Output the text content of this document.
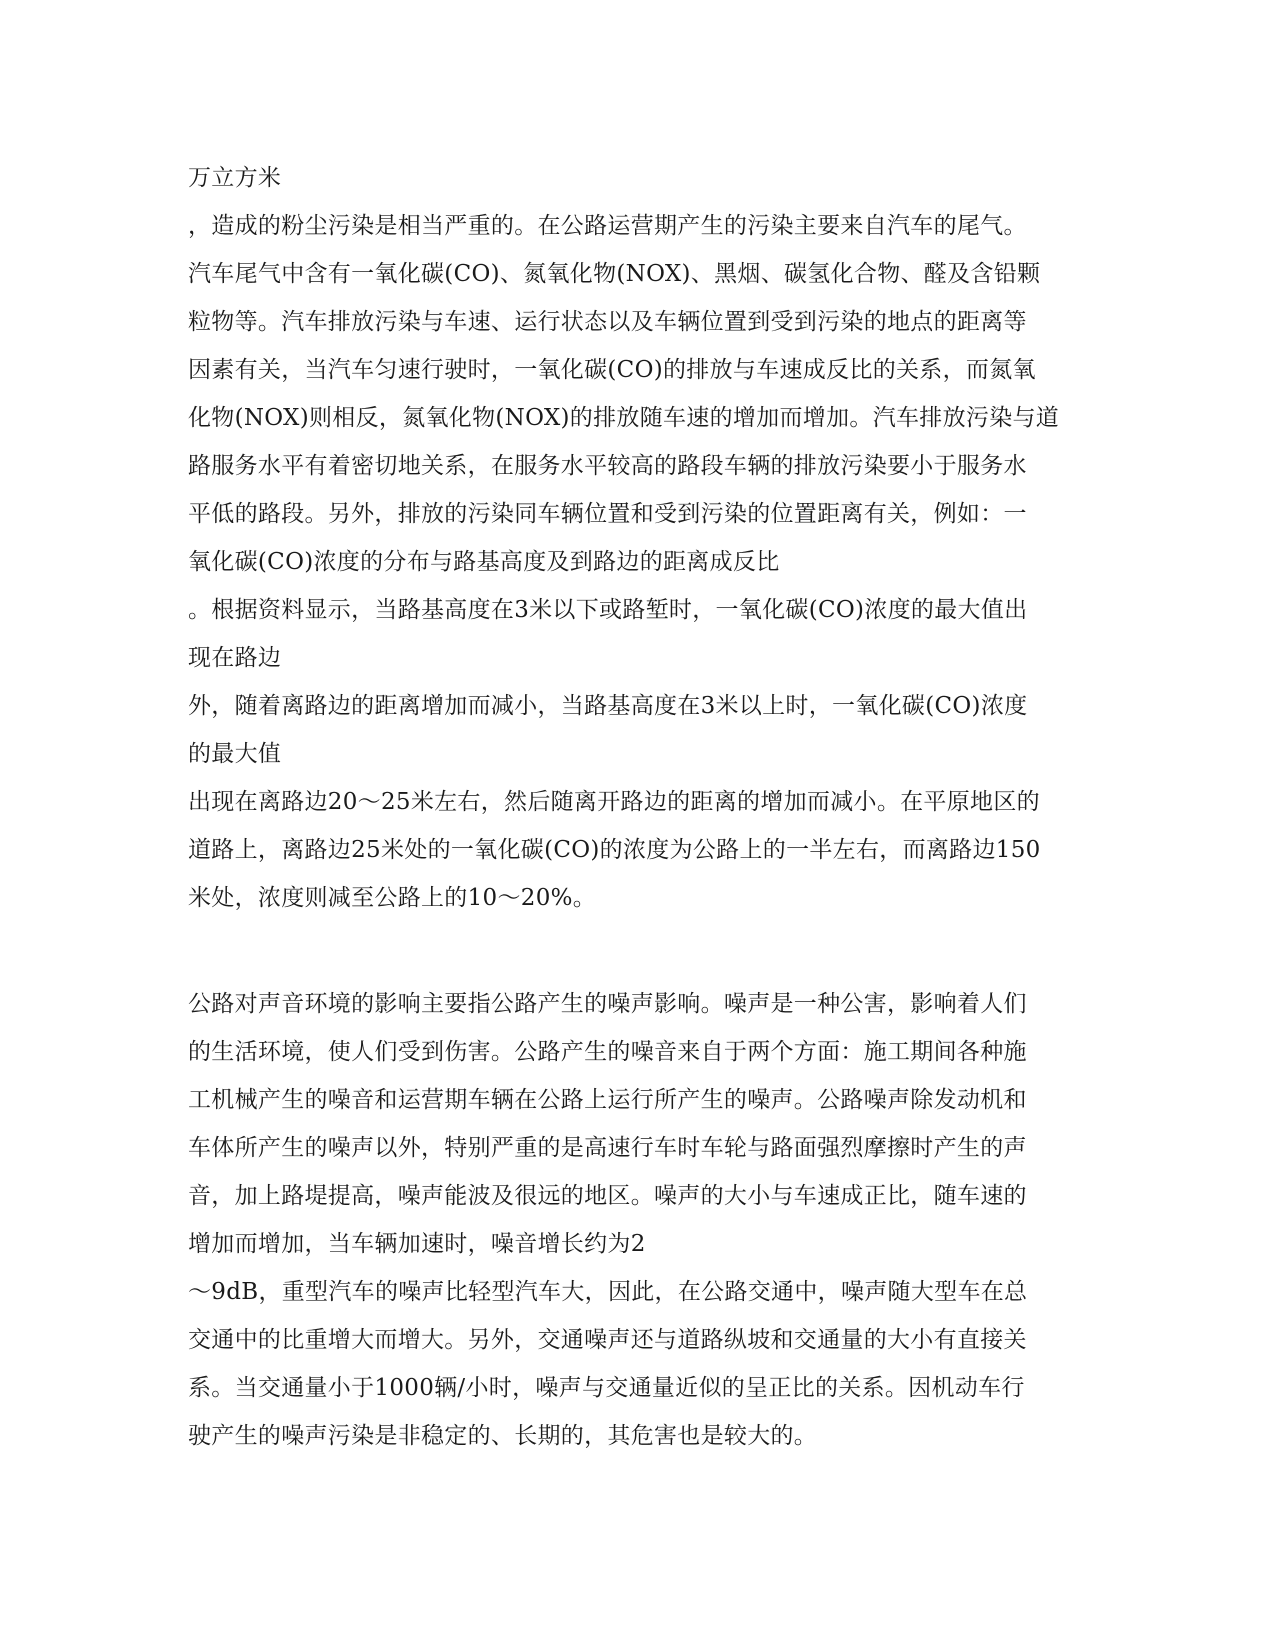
万立方米
，造成的粉尘污染是相当严重的。在公路运营期产生的污染主要来自汽车的尾气。
汽车尾气中含有一氧化碳(CO)、氮氧化物(NOX)、黑烟、碳氢化合物、醛及含铅颗
粒物等。汽车排放污染与车速、运行状态以及车辆位置到受到污染的地点的距离等
因素有关，当汽车匀速行驶时，一氧化碳(CO)的排放与车速成反比的关系，而氮氧
化物(NOX)则相反，氮氧化物(NOX)的排放随车速的增加而增加。汽车排放污染与道
路服务水平有着密切地关系，在服务水平较高的路段车辆的排放污染要小于服务水
平低的路段。另外，排放的污染同车辆位置和受到污染的位置距离有关，例如：一
氧化碳(CO)浓度的分布与路基高度及到路边的距离成反比
。根据资料显示，当路基高度在3米以下或路堑时，一氧化碳(CO)浓度的最大值出
现在路边
外，随着离路边的距离增加而减小，当路基高度在3米以上时，一氧化碳(CO)浓度
的最大值
出现在离路边20～25米左右，然后随离开路边的距离的增加而减小。在平原地区的
道路上，离路边25米处的一氧化碳(CO)的浓度为公路上的一半左右，而离路边150
米处，浓度则减至公路上的10～20%。
公路对声音环境的影响主要指公路产生的噪声影响。噪声是一种公害，影响着人们
的生活环境，使人们受到伤害。公路产生的噪音来自于两个方面：施工期间各种施
工机械产生的噪音和运营期车辆在公路上运行所产生的噪声。公路噪声除发动机和
车体所产生的噪声以外，特别严重的是高速行车时车轮与路面强烈摩擦时产生的声
音，加上路堤提高，噪声能波及很远的地区。噪声的大小与车速成正比，随车速的
增加而增加，当车辆加速时，噪音增长约为2
～9dB，重型汽车的噪声比轻型汽车大，因此，在公路交通中，噪声随大型车在总
交通中的比重增大而增大。另外，交通噪声还与道路纵坡和交通量的大小有直接关
系。当交通量小于1000辆/小时，噪声与交通量近似的呈正比的关系。因机动车行
驶产生的噪声污染是非稳定的、长期的，其危害也是较大的。
